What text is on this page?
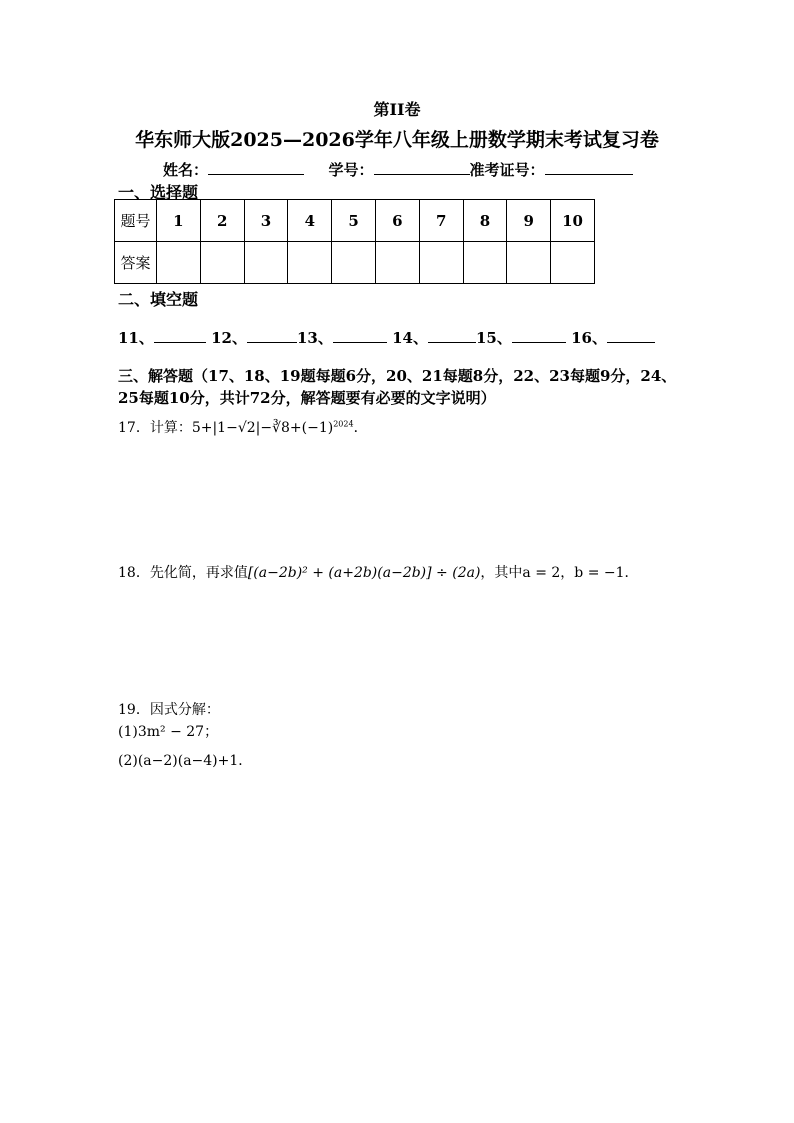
第II卷
华东师大版2025—2026学年八年级上册数学期末考试复习卷
姓名：	学号：	准考证号：
一、选择题
题号	1	2	3	4	5	6	7	8	9	10
答案										
二、填空题
11、	12、	13、	14、	15、	16、
三、解答题（17、18、19题每题6分，20、21每题8分，22、23每题9分，24、
25每题10分，共计72分，解答题要有必要的文字说明）
17．计算：$5+|1-√2|-∛8+(-1)^{2024}$．
18．先化简，再求值[(a−2b)² + (a+2b)(a−2b)] ÷ (2a)，其中a = 2，b = −1．
19．因式分解：
(1)3m² − 27；
(2)(a−2)(a−4)+1．
